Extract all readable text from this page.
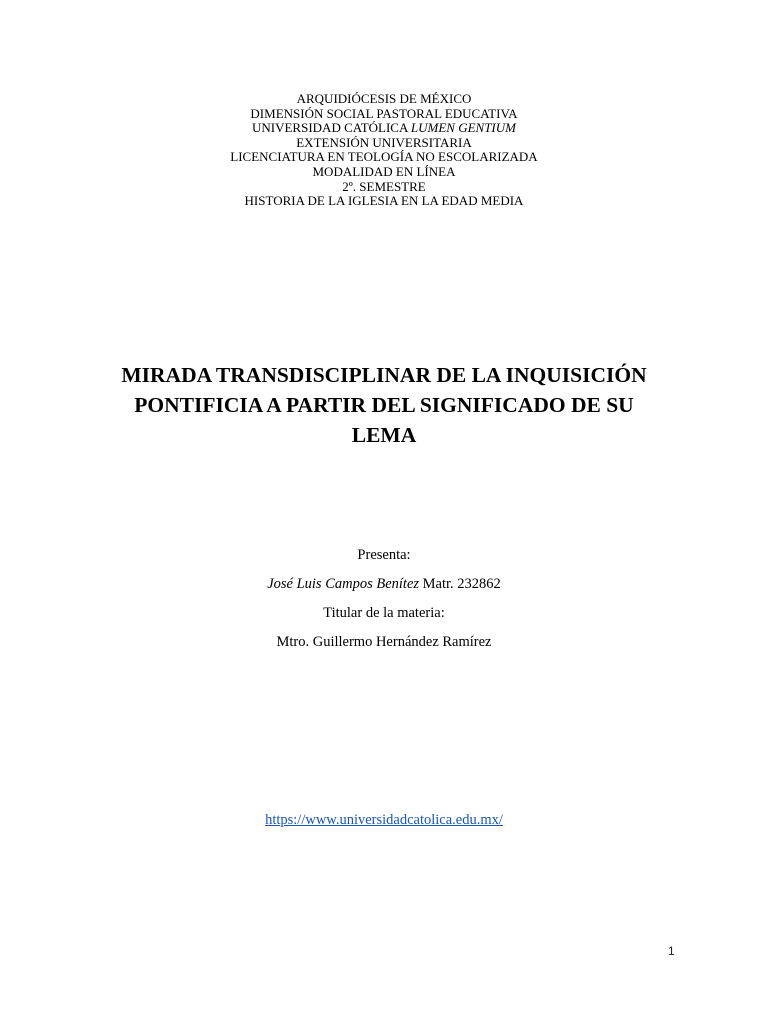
ARQUIDIÓCESIS DE MÉXICO
DIMENSIÓN SOCIAL PASTORAL EDUCATIVA
UNIVERSIDAD CATÓLICA LUMEN GENTIUM
EXTENSIÓN UNIVERSITARIA
LICENCIATURA EN TEOLOGÍA NO ESCOLARIZADA
MODALIDAD EN LÍNEA
2º. SEMESTRE
HISTORIA DE LA IGLESIA EN LA EDAD MEDIA
MIRADA TRANSDISCIPLINAR DE LA INQUISICIÓN
PONTIFICIA A PARTIR DEL SIGNIFICADO DE SU
LEMA
Presenta:
José Luis Campos Benítez Matr. 232862
Titular de la materia:
Mtro. Guillermo Hernández Ramírez
https://www.universidadcatolica.edu.mx/
1
